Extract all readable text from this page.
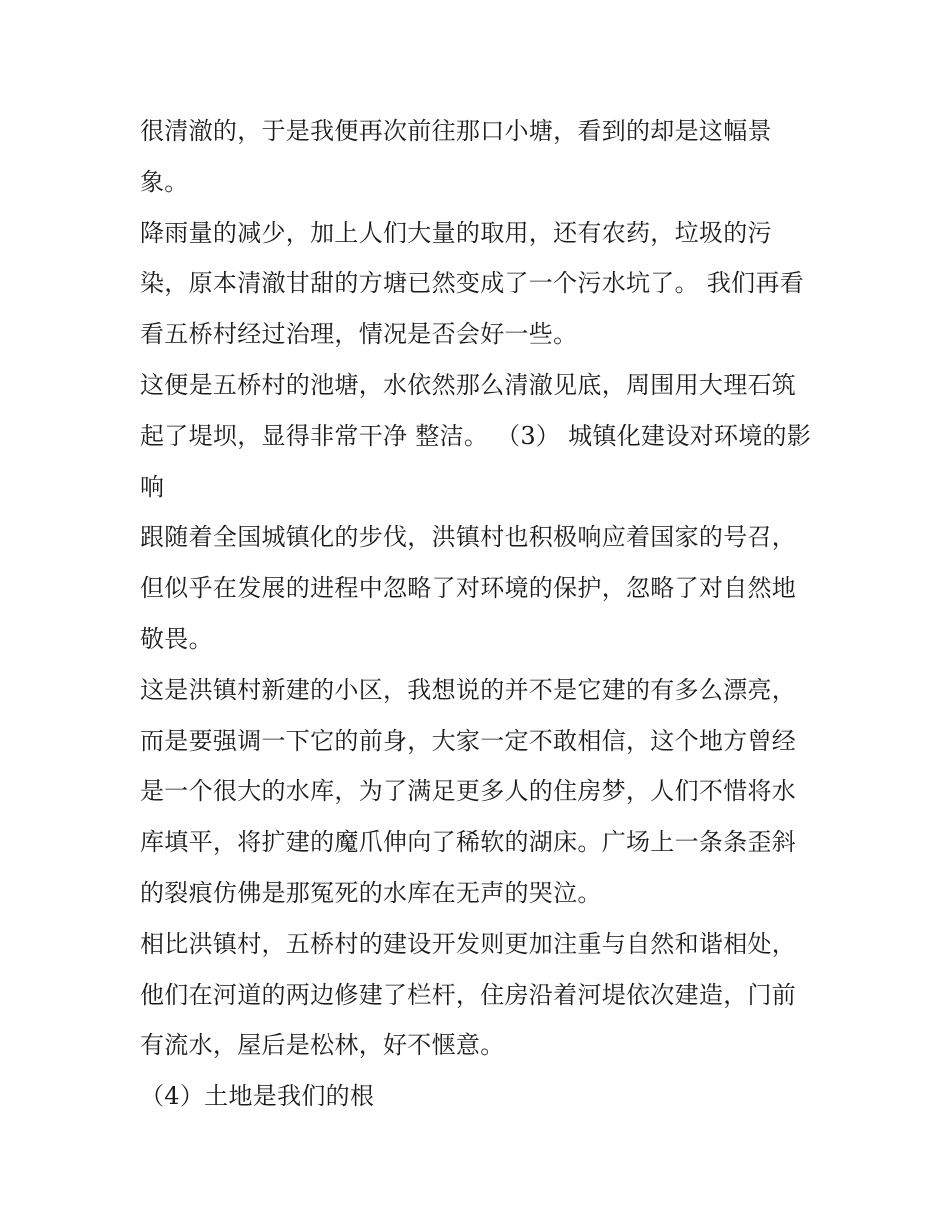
很清澈的，于是我便再次前往那口小塘，看到的却是这幅景象。

降雨量的减少，加上人们大量的取用，还有农药，垃圾的污染，原本清澈甘甜的方塘已然变成了一个污水坑了。 我们再看看五桥村经过治理，情况是否会好一些。

这便是五桥村的池塘，水依然那么清澈见底，周围用大理石筑起了堤坝，显得非常干净 整洁。 （3） 城镇化建设对环境的影响

跟随着全国城镇化的步伐，洪镇村也积极响应着国家的号召，但似乎在发展的进程中忽略了对环境的保护，忽略了对自然地敬畏。

这是洪镇村新建的小区，我想说的并不是它建的有多么漂亮，而是要强调一下它的前身，大家一定不敢相信，这个地方曾经是一个很大的水库，为了满足更多人的住房梦，人们不惜将水库填平，将扩建的魔爪伸向了稀软的湖床。广场上一条条歪斜的裂痕仿佛是那冤死的水库在无声的哭泣。

相比洪镇村，五桥村的建设开发则更加注重与自然和谐相处，他们在河道的两边修建了栏杆，住房沿着河堤依次建造，门前有流水，屋后是松林，好不惬意。

（4）土地是我们的根
